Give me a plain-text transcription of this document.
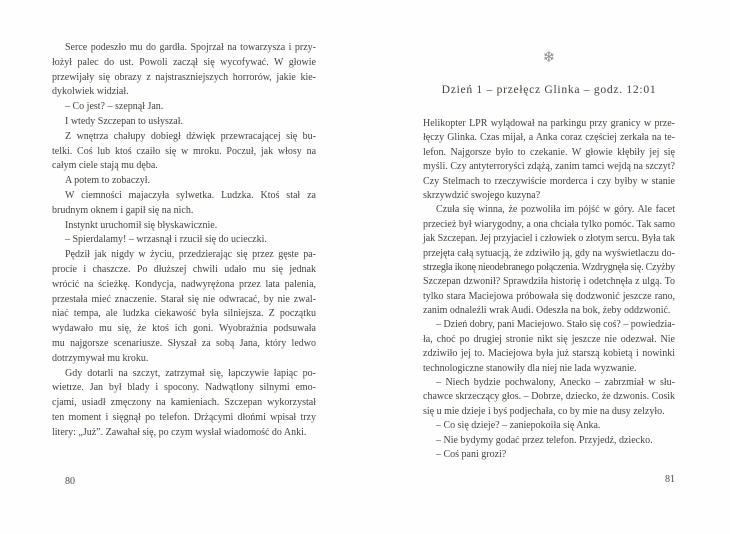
Serce podeszło mu do gardła. Spojrzał na towarzysza i przy-
łożył palec do ust. Powoli zaczął się wycofywać. W głowie
przewijały się obrazy z najstraszniejszych horrorów, jakie kie-
dykolwiek widział.
– Co jest? – szepnął Jan.
I wtedy Szczepan to usłyszał.
Z wnętrza chałupy dobiegł dźwięk przewracającej się bu-
telki. Coś lub ktoś czaiło się w mroku. Poczuł, jak włosy na
całym ciele stają mu dęba.
A potem to zobaczył.
W ciemności majaczyła sylwetka. Ludzka. Ktoś stał za
brudnym oknem i gapił się na nich.
Instynkt uruchomił się błyskawicznie.
– Spierdalamy! – wrzasnął i rzucił się do ucieczki.
Pędził jak nigdy w życiu, przedzierając się przez gęste pa-
procie i chaszcze. Po dłuższej chwili udało mu się jednak
wrócić na ścieżkę. Kondycja, nadwyrężona przez lata palenia,
przestała mieć znaczenie. Starał się nie odwracać, by nie zwal-
niać tempa, ale ludzka ciekawość była silniejsza. Z początku
wydawało mu się, że ktoś ich goni. Wyobraźnia podsuwała
mu najgorsze scenariusze. Słyszał za sobą Jana, który ledwo
dotrzymywał mu kroku.
Gdy dotarli na szczyt, zatrzymał się, łapczywie łapiąc po-
wietrze. Jan był blady i spocony. Nadwątlony silnymi emo-
cjami, usiadł zmęczony na kamieniach. Szczepan wykorzystał
ten moment i sięgnął po telefon. Drżącymi dłońmi wpisał trzy
litery: „Już”. Zawahał się, po czym wysłał wiadomość do Anki.
80
❄
Dzień 1 – przełęcz Glinka – godz. 12:01
Helikopter LPR wylądował na parkingu przy granicy w prze-
łęczy Glinka. Czas mijał, a Anka coraz częściej zerkała na te-
lefon. Najgorsze było to czekanie. W głowie kłębiły jej się
myśli. Czy antyterroryści zdążą, zanim tamci wejdą na szczyt?
Czy Stelmach to rzeczywiście morderca i czy byłby w stanie
skrzywdzić swojego kuzyna?
Czuła się winna, że pozwoliła im pójść w góry. Ale facet
przecież był wiarygodny, a ona chciała tylko pomóc. Tak samo
jak Szczepan. Jej przyjaciel i człowiek o złotym sercu. Była tak
przejęta całą sytuacją, że zdziwiło ją, gdy na wyświetlaczu do-
strzegła ikonę nieodebranego połączenia. Wzdrygnęła się. Czyżby
Szczepan dzwonił? Sprawdziła historię i odetchnęła z ulgą. To
tylko stara Maciejowa próbowała się dodzwonić jeszcze rano,
zanim odnaleźli wrak Audi. Odeszła na bok, żeby oddzwonić.
– Dzień dobry, pani Maciejowo. Stało się coś? – powiedzia-
ła, choć po drugiej stronie nikt się jeszcze nie odezwał. Nie
zdziwiło jej to. Maciejowa była już starszą kobietą i nowinki
technologiczne stanowiły dla niej nie lada wyzwanie.
– Niech bydzie pochwalony, Anecko – zabrzmiał w słu-
chawce skrzeczący głos. – Dobrze, dziecko, że dzwonis. Cosik
się u mie dzieje i byś podjechała, co by mie na dusy zelzyło.
– Co się dzieje? – zaniepokoiła się Anka.
– Nie bydymy godać przez telefon. Przyjedź, dziecko.
– Coś pani grozi?
81
